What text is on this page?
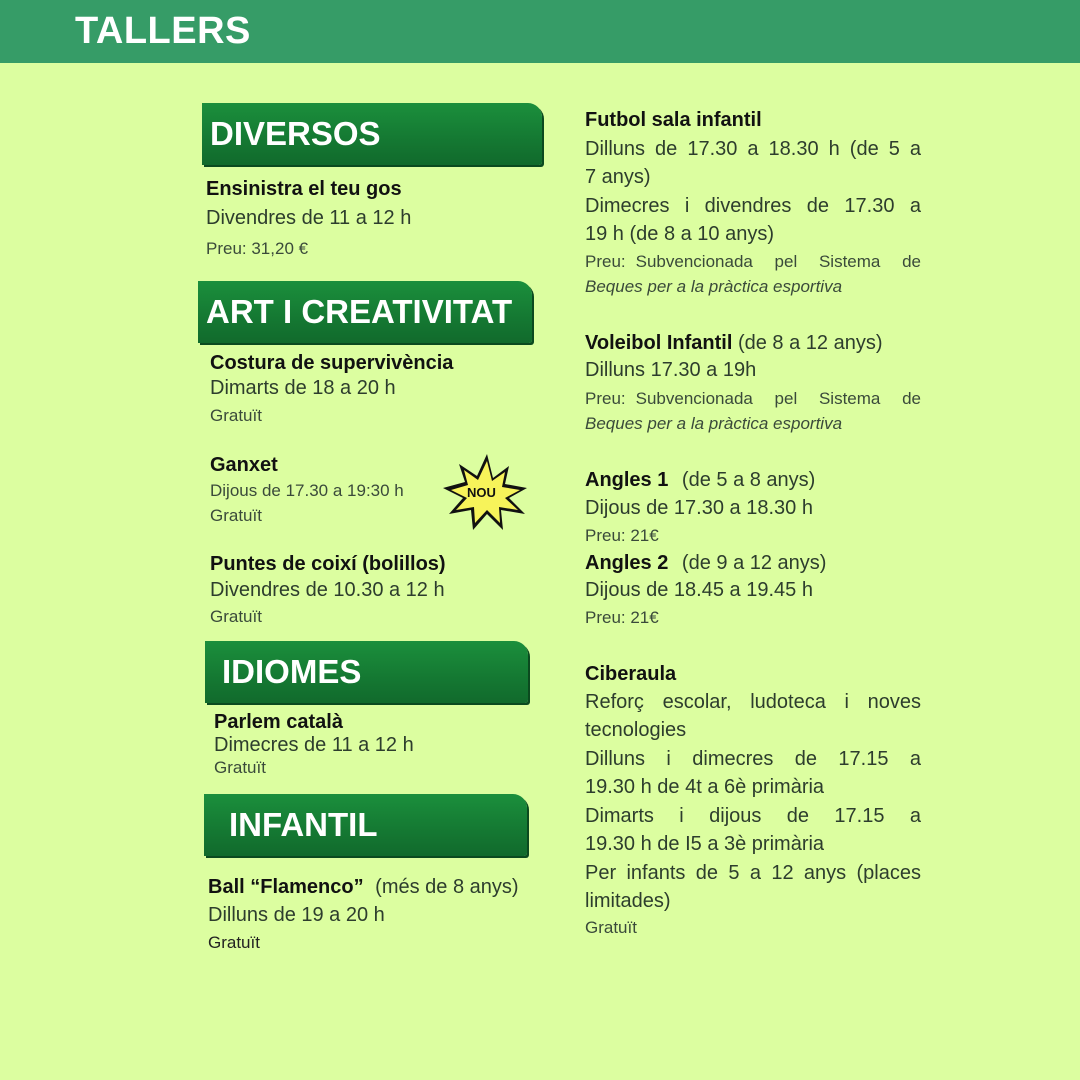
TALLERS
DIVERSOS

Ensinistra el teu gos

Divendres de 11 a 12 h

Preu: 31,20 €

ART I CREATIVITAT

Costura de supervivència

Dimarts de 18 a 20 h

Gratuït

Ganxet

Dijous de 17.30 a 19:30 h

Gratuït

NOU

Puntes de coixí (bolillos)

Divendres de 10.30 a 12 h

Gratuït

IDIOMES

Parlem català

Dimecres de 11 a 12 h

Gratuït

INFANTIL

Ball “Flamenco” (més de 8 anys)

Dilluns de 19 a 20 h

Gratuït

Futbol sala infantil

Dilluns de 17.30 a 18.30 h (de 5 a

7 anys)

Dimecres i divendres de 17.30 a

19 h (de 8 a 10 anys)

Preu: Subvencionada pel Sistema de

Beques per a la pràctica esportiva

Voleibol Infantil (de 8 a 12 anys)

Dilluns 17.30 a 19h

Preu: Subvencionada pel Sistema de

Beques per a la pràctica esportiva

Angles 1 (de 5 a 8 anys)

Dijous de 17.30 a 18.30 h

Preu: 21€

Angles 2 (de 9 a 12 anys)

Dijous de 18.45 a 19.45 h

Preu: 21€

Ciberaula

Reforç escolar, ludoteca i noves

tecnologies

Dilluns i dimecres de 17.15 a

19.30 h de 4t a 6è primària

Dimarts i dijous de 17.15 a

19.30 h de I5 a 3è primària

Per infants de 5 a 12 anys (places

limitades)

Gratuït
